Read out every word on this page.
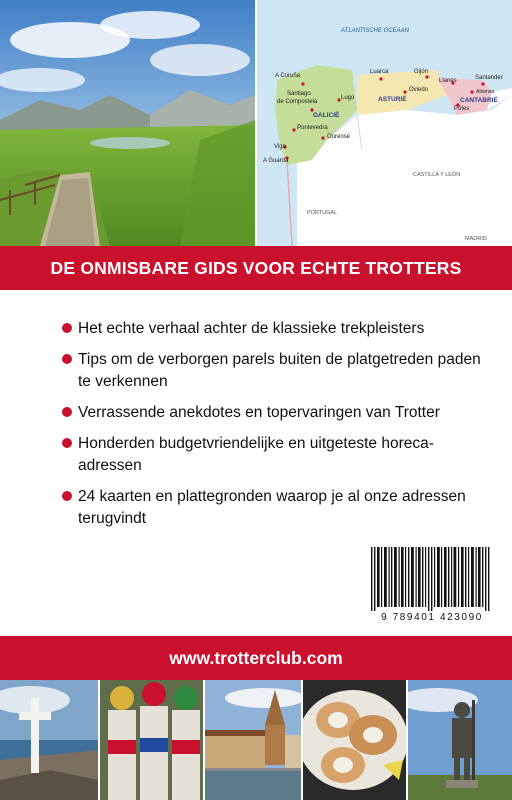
ATLANTISCHE OCEAAN
A Coruña
Santiago
de Compostela
Lugo
GALICIË
Pontevedra
Ourense
Vigo
A Guarda
Luarca	Gijón
Oviedo
ASTURIË
Llanes	Santander
Altamira
CANTABRIË
Potes
CASTILLA Y LEÓN
PORTUGAL
MADRID
DE ONMISBARE GIDS VOOR ECHTE TROTTERS
Het echte verhaal achter de klassieke trekpleisters
Tips om de verborgen parels buiten de platgetreden paden te verkennen
Verrassende anekdotes en topervaringen van Trotter
Honderden budgetvriendelijke en uitgeteste horeca-adressen
24 kaarten en plattegronden waarop je al onze adressen terugvindt
9 789401 423090
www.trotterclub.com
